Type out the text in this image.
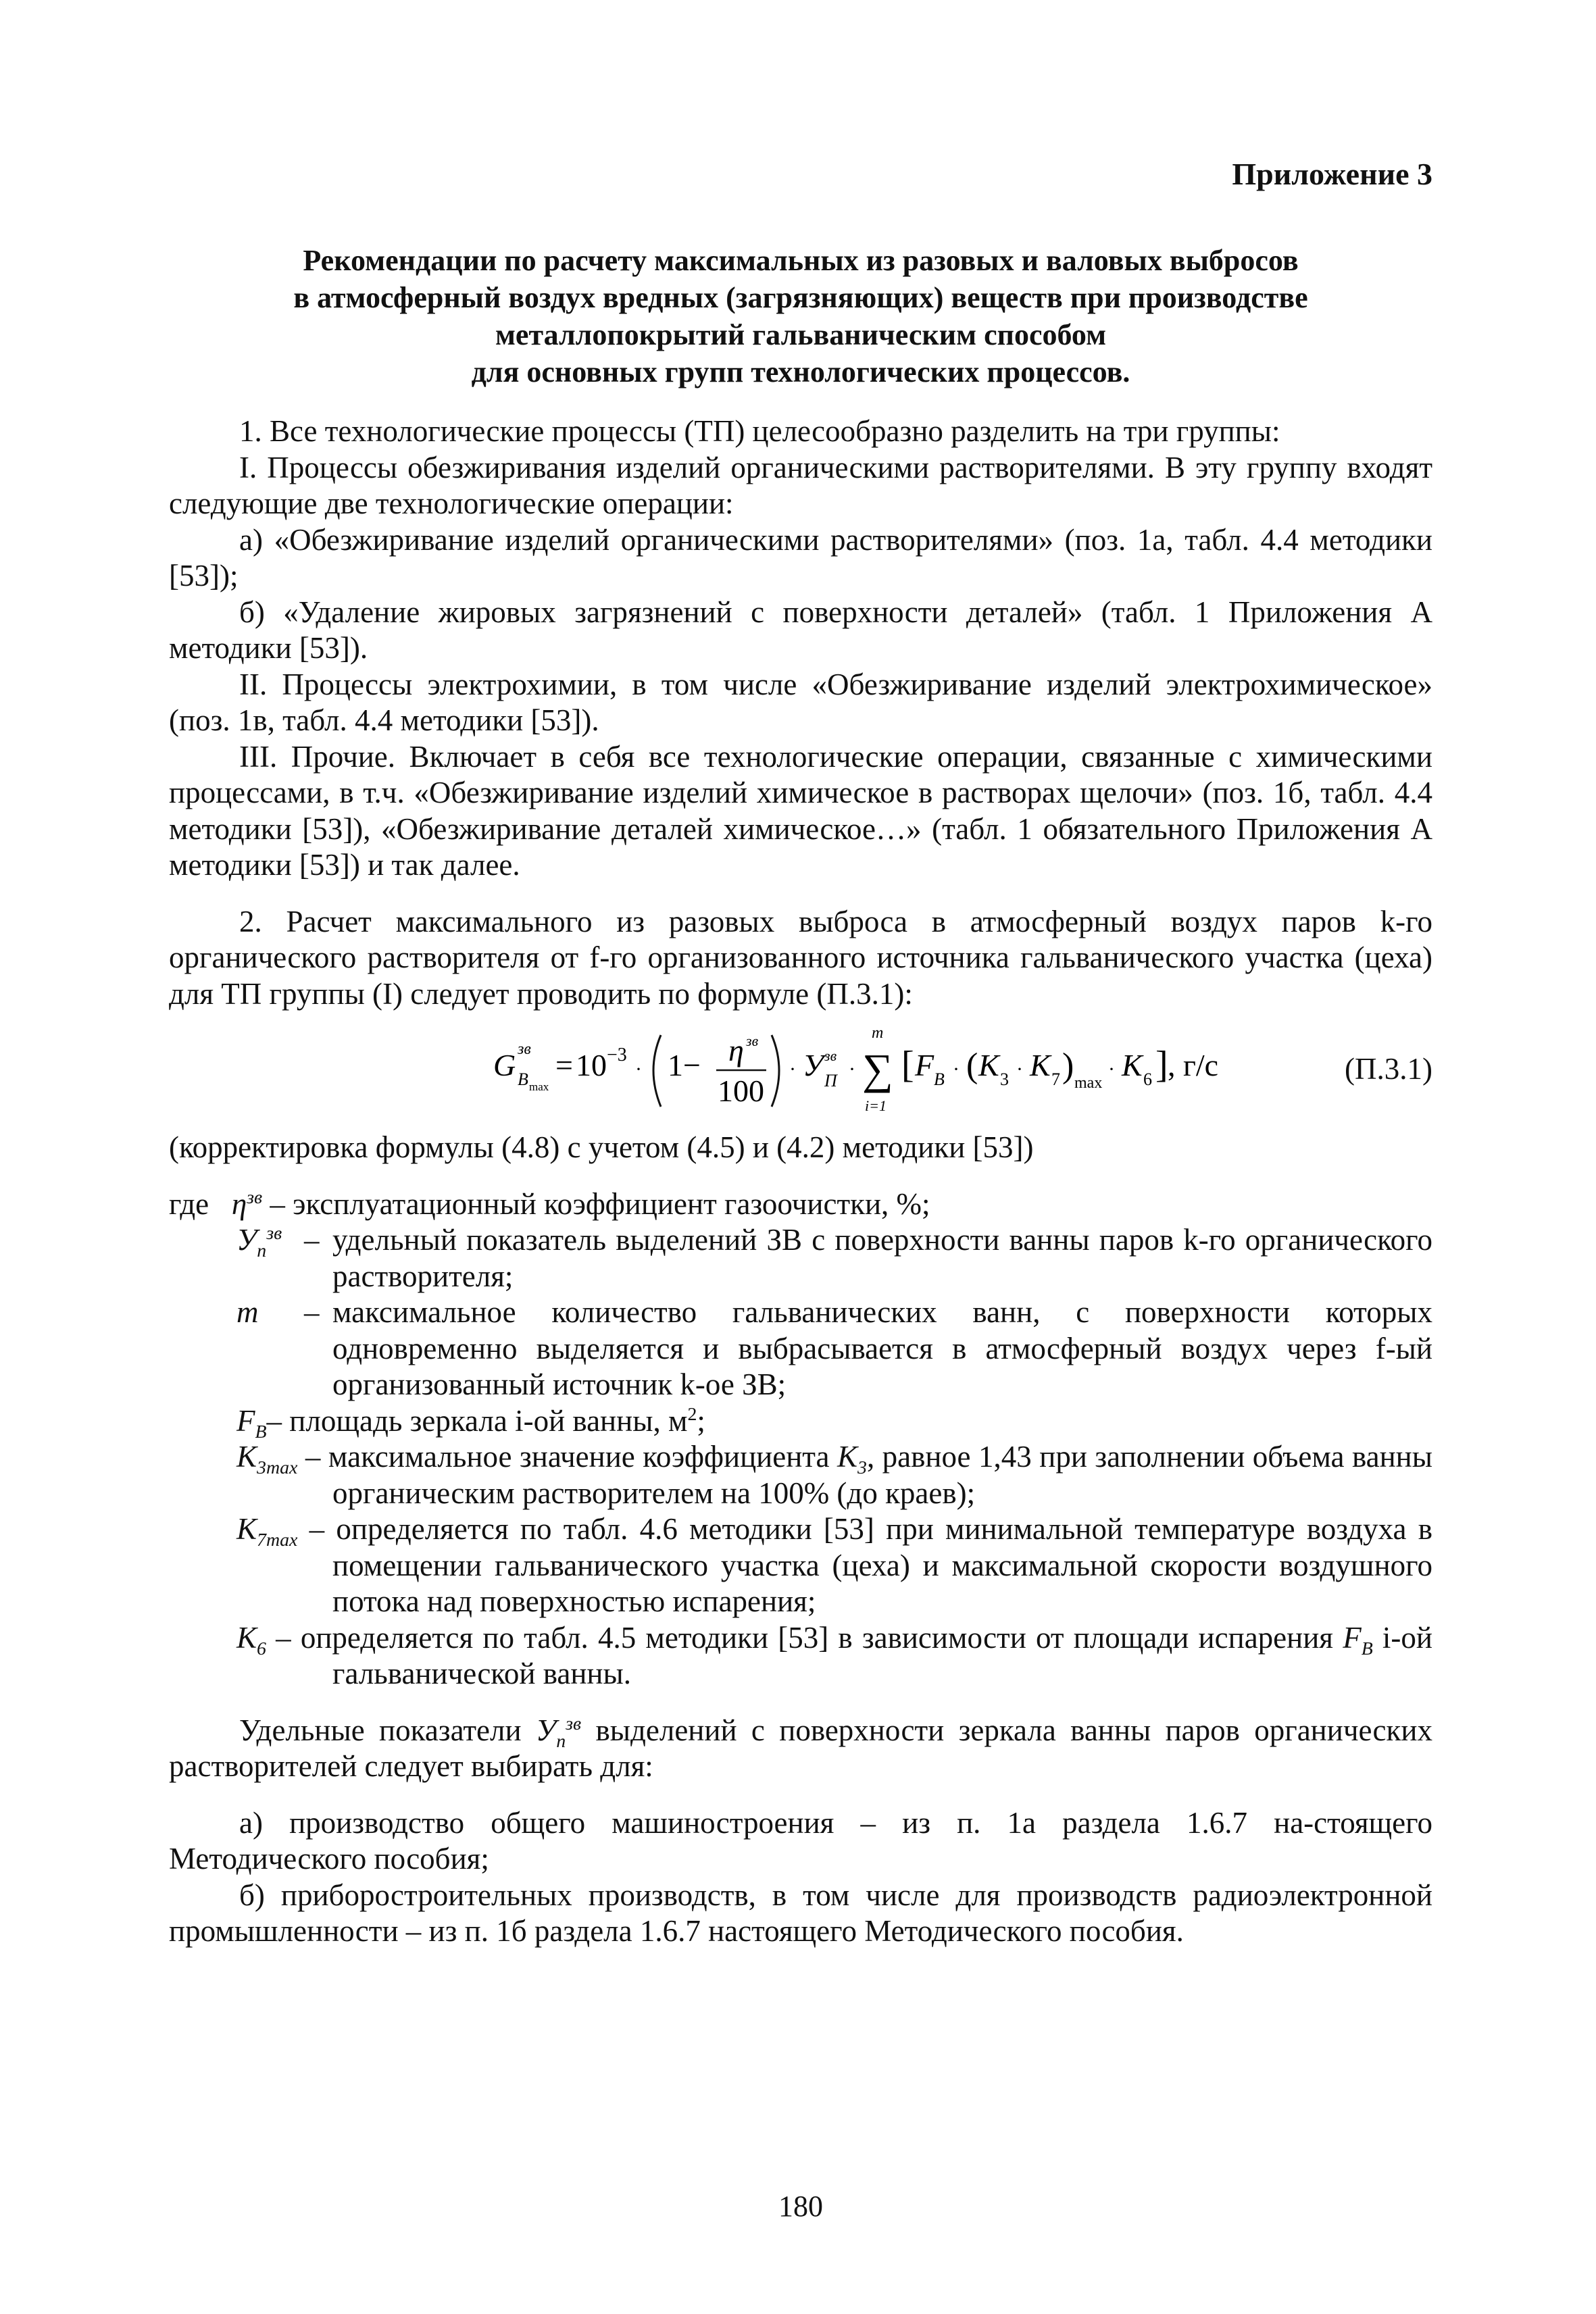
Приложение 3

Рекомендации по расчету максимальных из разовых и валовых выбросов
в атмосферный воздух вредных (загрязняющих) веществ при производстве
металлопокрытий гальваническим способом
для основных групп технологических процессов.

1. Все технологические процессы (ТП) целесообразно разделить на три группы:

I. Процессы обезжиривания изделий органическими растворителями. В эту группу входят следующие две технологические операции:

а) «Обезжиривание изделий органическими растворителями» (поз. 1а, табл. 4.4 методики [53]);

б) «Удаление жировых загрязнений с поверхности деталей» (табл. 1 Приложения А методики [53]).

II. Процессы электрохимии, в том числе «Обезжиривание изделий электрохимическое» (поз. 1в, табл. 4.4 методики [53]).

III. Прочие. Включает в себя все технологические операции, связанные с химическими процессами, в т.ч. «Обезжиривание изделий химическое в растворах щелочи» (поз. 1б, табл. 4.4 методики [53]), «Обезжиривание деталей химическое…» (табл. 1 обязательного Приложения А методики [53]) и так далее.

2. Расчет максимального из разовых выброса в атмосферный воздух паров k-го органического растворителя от f-го организованного источника гальванического участка (цеха) для ТП группы (I) следует проводить по формуле (П.3.1):

G зв
B max
= 10 −3
· 1− η зв
100
· У зв
П
·
m
∑
i=1
[ F B · ( K 3 · K 7 ) max
· K 6 ] , г/с	(П.3.1)

(корректировка формулы (4.8) с учетом (4.5) и (4.2) методики [53])

где $\eta^{зв}$ – эксплуатационный коэффициент газоочистки, %;

$У_п^{зв}$ – удельный показатель выделений ЗВ с поверхности ванны паров k-го органического растворителя;
m – максимальное количество гальванических ванн, с поверхности которых одновременно выделяется и выбрасывается в атмосферный воздух через f-ый организованный источник k-ое ЗВ;

$F_B-$ площадь зеркала i-ой ванны, $м^2$;

$K_{3max}$ – максимальное значение коэффициента $K_3$, равное 1,43 при заполнении объема ванны органическим растворителем на 100% (до краев);

$K_{7max}$ – определяется по табл. 4.6 методики [53] при минимальной температуре воздуха в помещении гальванического участка (цеха) и максимальной скорости воздушного потока над поверхностью испарения;

$K_6$ – определяется по табл. 4.5 методики [53] в зависимости от площади испарения $F_B$ i-ой гальванической ванны.

Удельные показатели $У_п^{зв}$ выделений с поверхности зеркала ванны паров органических растворителей следует выбирать для:

а) производство общего машиностроения – из п. 1а раздела 1.6.7 на-стоящего Методического пособия;

б) приборостроительных производств, в том числе для производств радиоэлектронной промышленности – из п. 1б раздела 1.6.7 настоящего Методического пособия.

180
